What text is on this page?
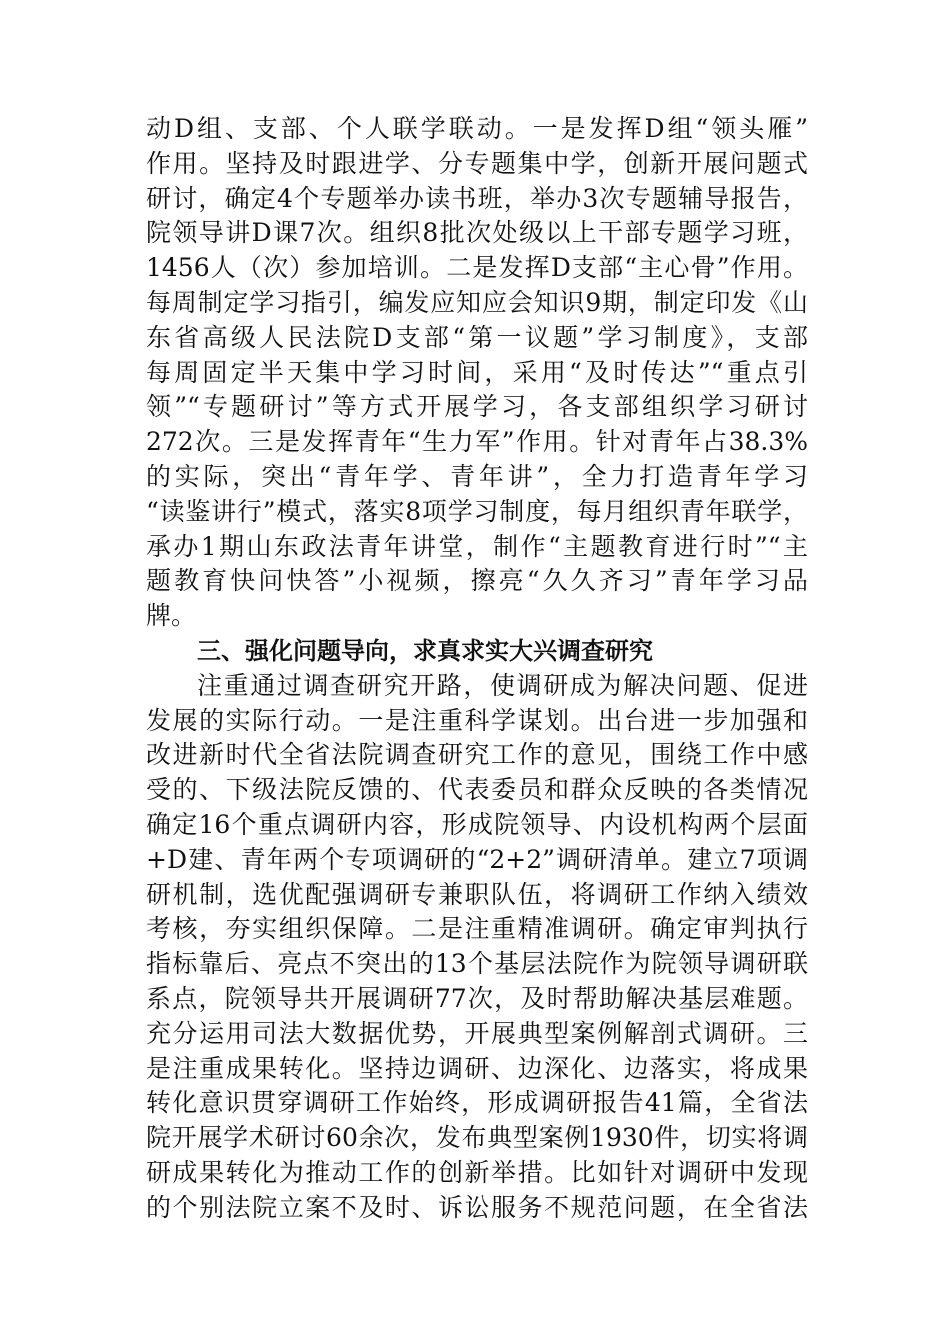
动D组、支部、个人联学联动。一是发挥D组“领头雁”
作用。坚持及时跟进学、分专题集中学，创新开展问题式
研讨，确定4个专题举办读书班，举办3次专题辅导报告，
院领导讲D课7次。组织8批次处级以上干部专题学习班，
1456人（次）参加培训。二是发挥D支部“主心骨”作用。
每周制定学习指引，编发应知应会知识9期，制定印发《山
东省高级人民法院D支部“第一议题”学习制度》，支部
每周固定半天集中学习时间，采用“及时传达”“重点引
领”“专题研讨”等方式开展学习，各支部组织学习研讨
272次。三是发挥青年“生力军”作用。针对青年占38.3%
的实际，突出“青年学、青年讲”，全力打造青年学习
“读鉴讲行”模式，落实8项学习制度，每月组织青年联学，
承办1期山东政法青年讲堂，制作“主题教育进行时”“主
题教育快问快答”小视频，擦亮“久久齐习”青年学习品
牌。
三、强化问题导向，求真求实大兴调查研究
注重通过调查研究开路，使调研成为解决问题、促进
发展的实际行动。一是注重科学谋划。出台进一步加强和
改进新时代全省法院调查研究工作的意见，围绕工作中感
受的、下级法院反馈的、代表委员和群众反映的各类情况
确定16个重点调研内容，形成院领导、内设机构两个层面
+D建、青年两个专项调研的“2+2”调研清单。建立7项调
研机制，选优配强调研专兼职队伍，将调研工作纳入绩效
考核，夯实组织保障。二是注重精准调研。确定审判执行
指标靠后、亮点不突出的13个基层法院作为院领导调研联
系点，院领导共开展调研77次，及时帮助解决基层难题。
充分运用司法大数据优势，开展典型案例解剖式调研。三
是注重成果转化。坚持边调研、边深化、边落实，将成果
转化意识贯穿调研工作始终，形成调研报告41篇，全省法
院开展学术研讨60余次，发布典型案例1930件，切实将调
研成果转化为推动工作的创新举措。比如针对调研中发现
的个别法院立案不及时、诉讼服务不规范问题，在全省法
